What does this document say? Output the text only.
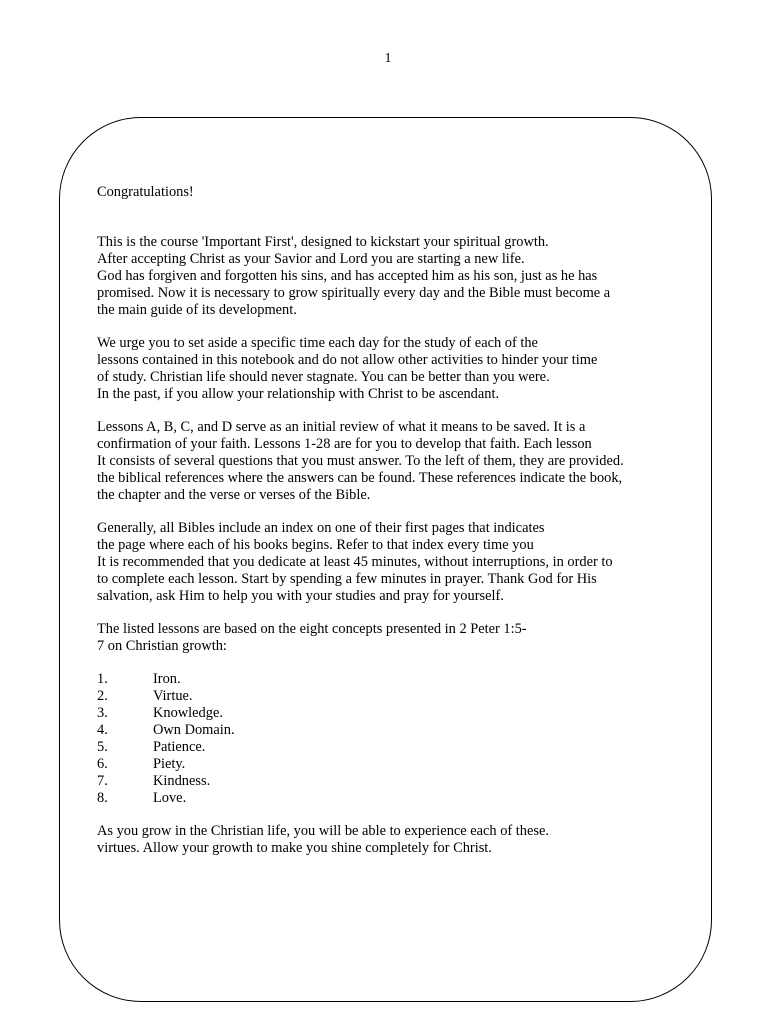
1
Congratulations!
This is the course 'Important First', designed to kickstart your spiritual growth.
After accepting Christ as your Savior and Lord you are starting a new life.
God has forgiven and forgotten his sins, and has accepted him as his son, just as he has
promised. Now it is necessary to grow spiritually every day and the Bible must become a
the main guide of its development.
We urge you to set aside a specific time each day for the study of each of the
lessons contained in this notebook and do not allow other activities to hinder your time
of study. Christian life should never stagnate. You can be better than you were.
In the past, if you allow your relationship with Christ to be ascendant.
Lessons A, B, C, and D serve as an initial review of what it means to be saved. It is a
confirmation of your faith. Lessons 1-28 are for you to develop that faith. Each lesson
It consists of several questions that you must answer. To the left of them, they are provided.
the biblical references where the answers can be found. These references indicate the book,
the chapter and the verse or verses of the Bible.
Generally, all Bibles include an index on one of their first pages that indicates
the page where each of his books begins. Refer to that index every time you
It is recommended that you dedicate at least 45 minutes, without interruptions, in order to
to complete each lesson. Start by spending a few minutes in prayer. Thank God for His
salvation, ask Him to help you with your studies and pray for yourself.
The listed lessons are based on the eight concepts presented in 2 Peter 1:5-
7 on Christian growth:
1.	Iron.
2.	Virtue.
3.	Knowledge.
4.	Own Domain.
5.	Patience.
6.	Piety.
7.	Kindness.
8.	Love.
As you grow in the Christian life, you will be able to experience each of these.
virtues. Allow your growth to make you shine completely for Christ.
